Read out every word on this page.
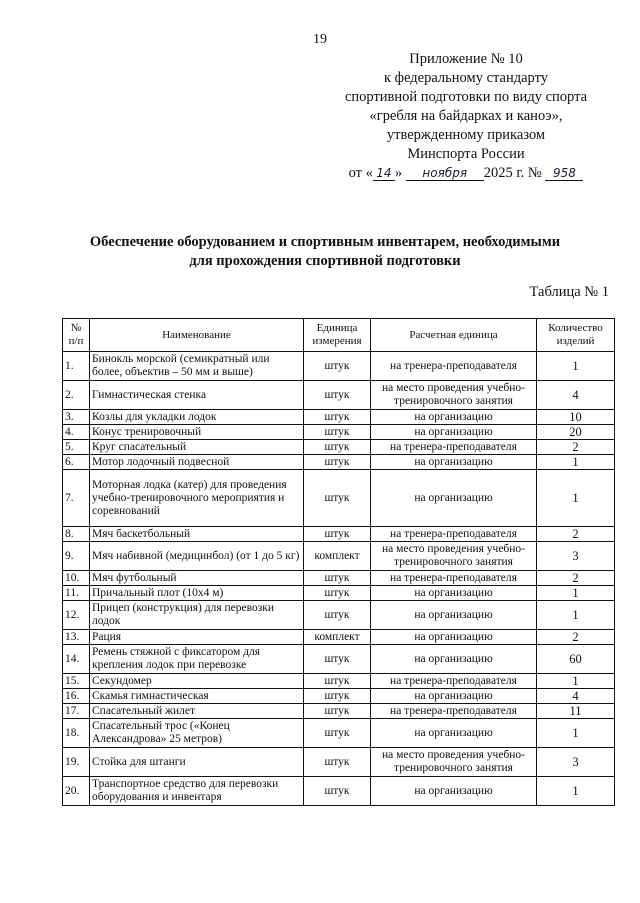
19
Приложение № 10
к федеральному стандарту
спортивной подготовки по виду спорта
«гребля на байдарках и каноэ»,
утвержденному приказом
Минспорта России
от « 14 » ноября 2025 г. № 958
Обеспечение оборудованием и спортивным инвентарем, необходимыми
для прохождения спортивной подготовки
Таблица № 1
№ п/п	Наименование	Единица измерения	Расчетная единица	Количество изделий
1.	Бинокль морской (семикратный или более, объектив – 50 мм и выше)	штук	на тренера-преподавателя	1
2.	Гимнастическая стенка	штук	на место проведения учебно-тренировочного занятия	4
3.	Козлы для укладки лодок	штук	на организацию	10
4.	Конус тренировочный	штук	на организацию	20
5.	Круг спасательный	штук	на тренера-преподавателя	2
6.	Мотор лодочный подвесной	штук	на организацию	1
7.	Моторная лодка (катер) для проведения учебно-тренировочного мероприятия и соревнований	штук	на организацию	1
8.	Мяч баскетбольный	штук	на тренера-преподавателя	2
9.	Мяч набивной (медицинбол) (от 1 до 5 кг)	комплект	на место проведения учебно-тренировочного занятия	3
10.	Мяч футбольный	штук	на тренера-преподавателя	2
11.	Причальный плот (10х4 м)	штук	на организацию	1
12.	Прицеп (конструкция) для перевозки лодок	штук	на организацию	1
13.	Рация	комплект	на организацию	2
14.	Ремень стяжной с фиксатором для крепления лодок при перевозке	штук	на организацию	60
15.	Секундомер	штук	на тренера-преподавателя	1
16.	Скамья гимнастическая	штук	на организацию	4
17.	Спасательный жилет	штук	на тренера-преподавателя	11
18.	Спасательный трос («Конец Александрова» 25 метров)	штук	на организацию	1
19.	Стойка для штанги	штук	на место проведения учебно-тренировочного занятия	3
20.	Транспортное средство для перевозки оборудования и инвентаря	штук	на организацию	1
